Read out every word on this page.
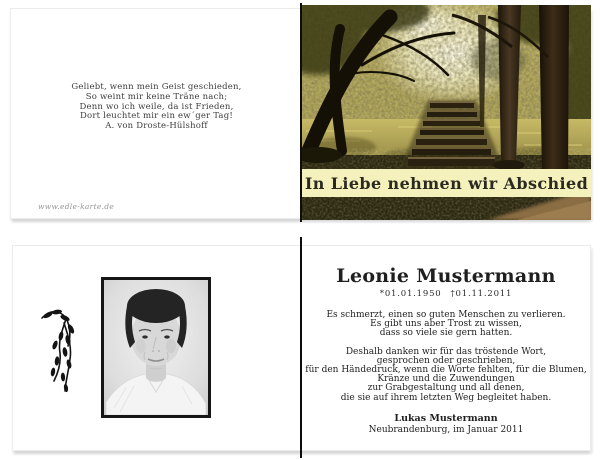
Geliebt, wenn mein Geist geschieden,
So weint mir keine Träne nach;
Denn wo ich weile, da ist Frieden,
Dort leuchtet mir ein ew´ger Tag!
A. von Droste-Hülshoff
www.edle-karte.de
In Liebe nehmen wir Abschied
Leonie Mustermann
*01.01.1950 †01.11.2011
Es schmerzt, einen so guten Menschen zu verlieren.
Es gibt uns aber Trost zu wissen,
dass so viele sie gern hatten.
Deshalb danken wir für das tröstende Wort,
gesprochen oder geschrieben,
für den Händedruck, wenn die Worte fehlten, für die Blumen,
Kränze und die Zuwendungen
zur Grabgestaltung und all denen,
die sie auf ihrem letzten Weg begleitet haben.
Lukas Mustermann
Neubrandenburg, im Januar 2011
